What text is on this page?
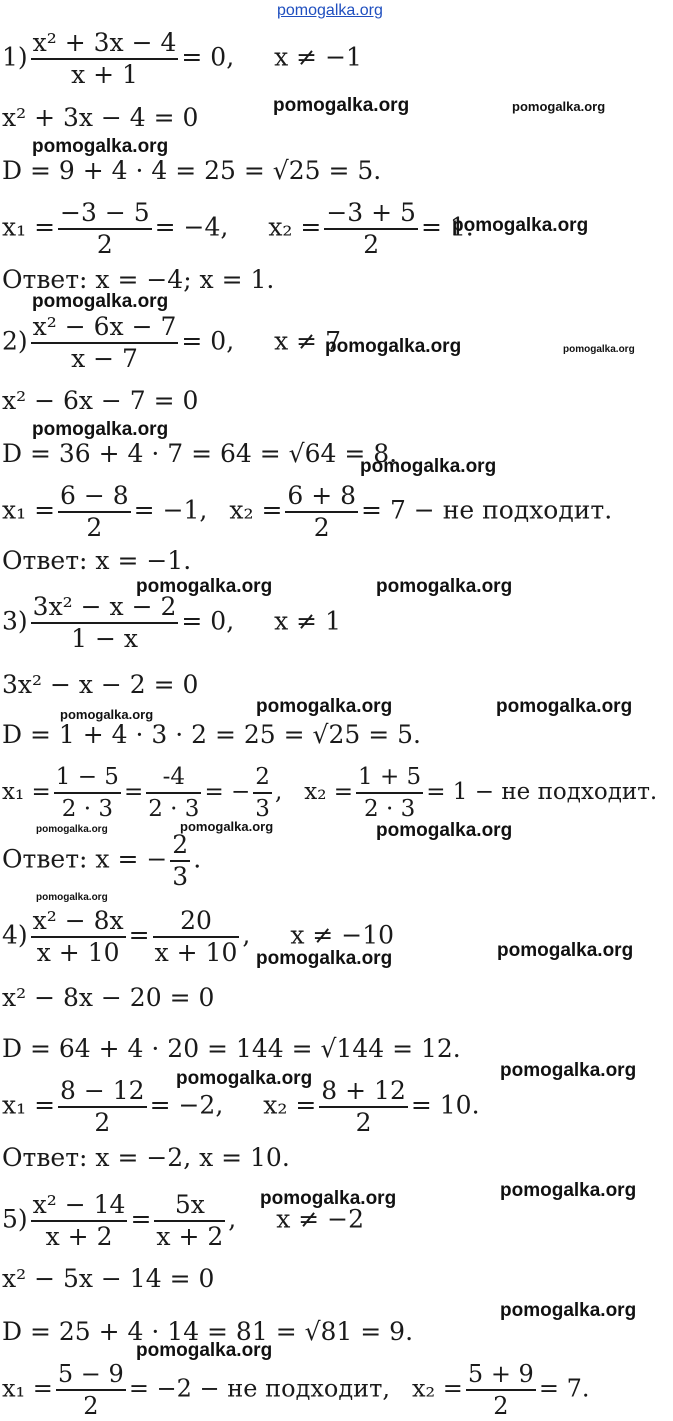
pomogalka.org
$1) \frac{\text{x² + 3x − 4}}{x + 1} = 0$, x ≠ −1
x² + 3x − 4 = 0
D = 9 + 4 · 4 = 25 = √25 = 5.
$x_1 = \frac{-3 - 5}{2} = -4$, $x_2 = \frac{-3 + 5}{2} = 1$.
Ответ: x = −4; x = 1.
$2) \frac{\text{x² − 6x − 7}}{x - 7} = 0$, x ≠ 7
x² − 6x − 7 = 0
D = 36 + 4 · 7 = 64 = √64 = 8.
$x_1 = \frac{6 - 8}{2} = -1$, $x_2 = \frac{6 + 8}{2} = 7$ − не подходит.
Ответ: x = −1.
$3) \frac{\text{3x² − x − 2}}{1 - x} = 0$, x ≠ 1
3x² − x − 2 = 0
D = 1 + 4 · 3 · 2 = 25 = √25 = 5.
$x_1 = \frac{1 - 5}{2 \cdot 3} = \frac{-4}{2 \cdot 3}$ = − $\frac{2}{3}$ , $x_2 = \frac{1 + 5}{2 \cdot 3} = 1$ − не подходит.
Ответ: x = − $\frac{2}{3}$ .
$4) \frac{\text{x² − 8x}}{x + 10} = \frac{20}{x + 10}$ , x ≠ −10
x² − 8x − 20 = 0
D = 64 + 4 · 20 = 144 = √144 = 12.
$x_1 = \frac{8 - 12}{2} = -2$, $x_2 = \frac{8 + 12}{2} = 10$.
Ответ: x = −2, x = 10.
$5) \frac{\text{x² − 14}}{x + 2} = \frac{5x}{x + 2}$ , x ≠ −2
x² − 5x − 14 = 0
D = 25 + 4 · 14 = 81 = √81 = 9.
$x_1 = \frac{5 - 9}{2} = -2$ − не подходит, $x_2 = \frac{5 + 9}{2} = 7$.
pomogalka.org	pomogalka.org
pomogalka.org
pomogalka.org
pomogalka.org
pomogalka.org	pomogalka.org
pomogalka.org
pomogalka.org
pomogalka.org	pomogalka.org
pomogalka.org	pomogalka.org
pomogalka.org
pomogalka.org
pomogalka.org	pomogalka.org
pomogalka.org
pomogalka.org	pomogalka.org
pomogalka.org	pomogalka.org
pomogalka.org	pomogalka.org
pomogalka.org
pomogalka.org
